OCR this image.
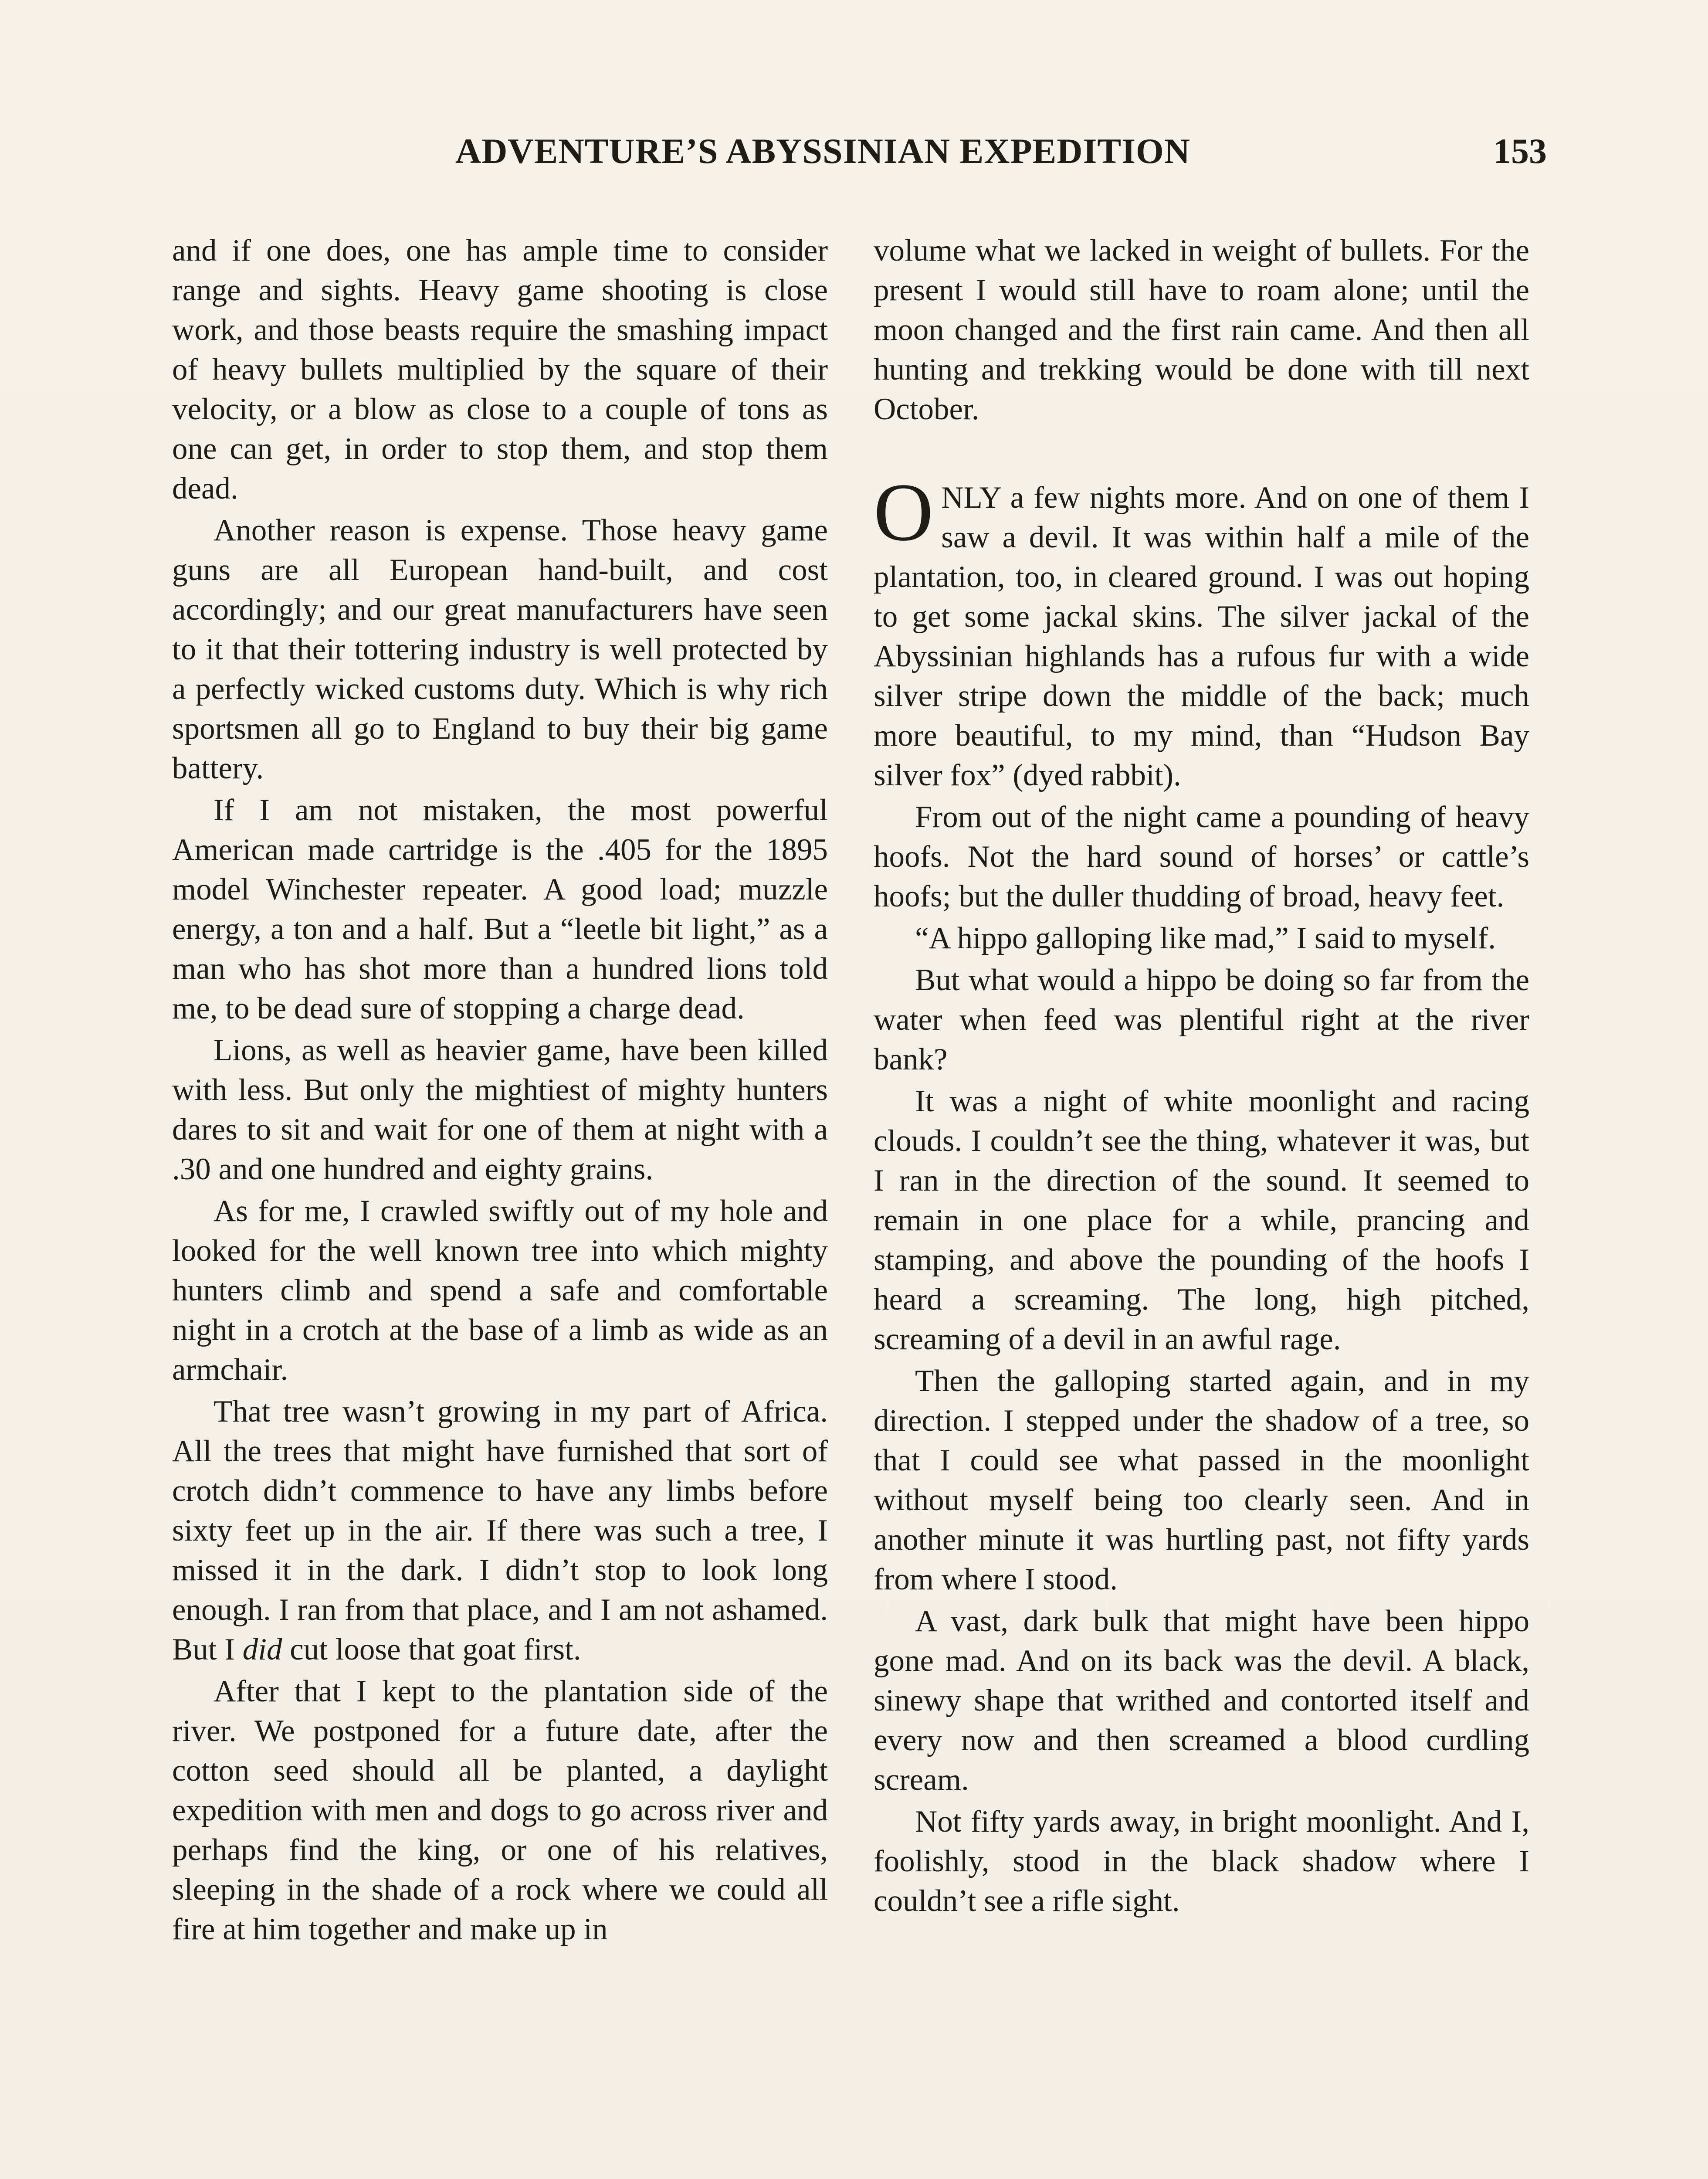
ADVENTURE’S ABYSSINIAN EXPEDITION	153

and if one does, one has ample time to consider range and sights. Heavy game shooting is close work, and those beasts require the smashing impact of heavy bullets multiplied by the square of their velocity, or a blow as close to a couple of tons as one can get, in order to stop them, and stop them dead.

Another reason is expense. Those heavy game guns are all European hand-built, and cost accordingly; and our great manufacturers have seen to it that their tottering industry is well protected by a perfectly wicked customs duty. Which is why rich sportsmen all go to England to buy their big game battery.

If I am not mistaken, the most powerful American made cartridge is the .405 for the 1895 model Winchester repeater. A good load; muzzle energy, a ton and a half. But a “leetle bit light,” as a man who has shot more than a hundred lions told me, to be dead sure of stopping a charge dead.

Lions, as well as heavier game, have been killed with less. But only the mightiest of mighty hunters dares to sit and wait for one of them at night with a .30 and one hundred and eighty grains.

As for me, I crawled swiftly out of my hole and looked for the well known tree into which mighty hunters climb and spend a safe and comfortable night in a crotch at the base of a limb as wide as an armchair.

That tree wasn’t growing in my part of Africa. All the trees that might have furnished that sort of crotch didn’t commence to have any limbs before sixty feet up in the air. If there was such a tree, I missed it in the dark. I didn’t stop to look long enough. I ran from that place, and I am not ashamed. But I did cut loose that goat first.

After that I kept to the plantation side of the river. We postponed for a future date, after the cotton seed should all be planted, a daylight expedition with men and dogs to go across river and perhaps find the king, or one of his relatives, sleeping in the shade of a rock where we could all fire at him together and make up in

volume what we lacked in weight of bullets. For the present I would still have to roam alone; until the moon changed and the first rain came. And then all hunting and trekking would be done with till next October.

ONLY a few nights more. And on one of them I saw a devil. It was within half a mile of the plantation, too, in cleared ground. I was out hoping to get some jackal skins. The silver jackal of the Abyssinian highlands has a rufous fur with a wide silver stripe down the middle of the back; much more beautiful, to my mind, than “Hudson Bay silver fox” (dyed rabbit).

From out of the night came a pounding of heavy hoofs. Not the hard sound of horses’ or cattle’s hoofs; but the duller thudding of broad, heavy feet.

“A hippo galloping like mad,” I said to myself.

But what would a hippo be doing so far from the water when feed was plentiful right at the river bank?

It was a night of white moonlight and racing clouds. I couldn’t see the thing, whatever it was, but I ran in the direction of the sound. It seemed to remain in one place for a while, prancing and stamping, and above the pounding of the hoofs I heard a screaming. The long, high pitched, screaming of a devil in an awful rage.

Then the galloping started again, and in my direction. I stepped under the shadow of a tree, so that I could see what passed in the moonlight without myself being too clearly seen. And in another minute it was hurtling past, not fifty yards from where I stood.

A vast, dark bulk that might have been hippo gone mad. And on its back was the devil. A black, sinewy shape that writhed and contorted itself and every now and then screamed a blood curdling scream.

Not fifty yards away, in bright moonlight. And I, foolishly, stood in the black shadow where I couldn’t see a rifle sight.
